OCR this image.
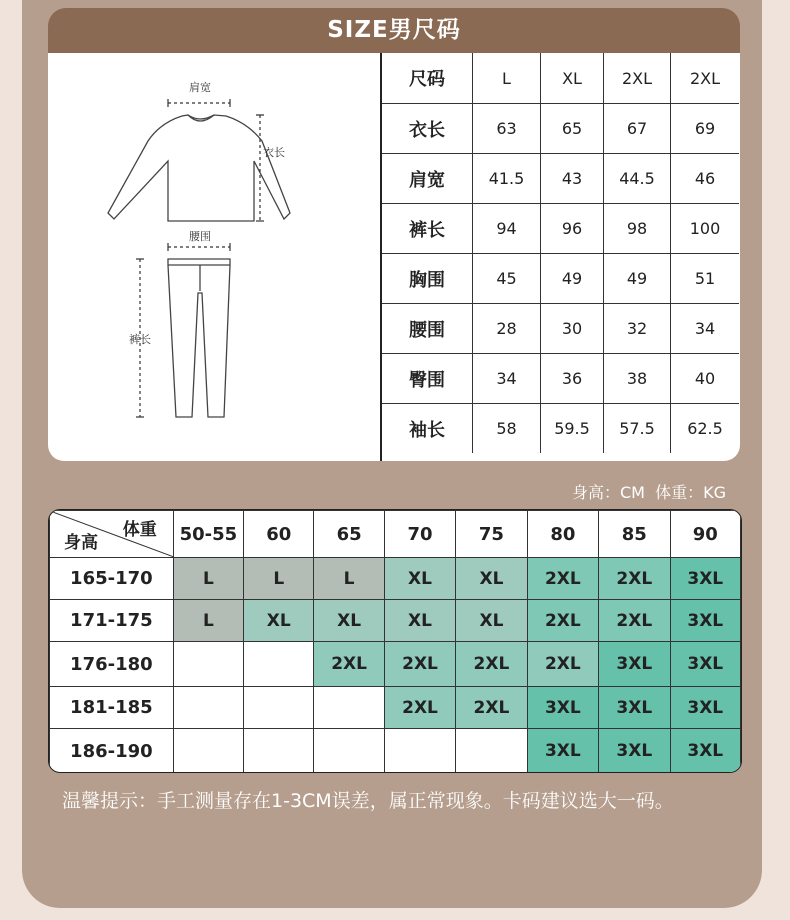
SIZE男尺码
肩宽
衣长
腰围
裤长
尺码	L	XL	2XL	2XL
衣长	63	65	67	69
肩宽	41.5	43	44.5	46
裤长	94	96	98	100
胸围	45	49	49	51
腰围	28	30	32	34
臀围	34	36	38	40
袖长	58	59.5	57.5	62.5
身高：CM  体重：KG
体重
身高	50-55	60	65	70	75	80	85	90
165-170	L	L	L	XL	XL	2XL	2XL	3XL
171-175	L	XL	XL	XL	XL	2XL	2XL	3XL
176-180			2XL	2XL	2XL	2XL	3XL	3XL
181-185				2XL	2XL	3XL	3XL	3XL
186-190						3XL	3XL	3XL
温馨提示：手工测量存在1-3CM误差，属正常现象。卡码建议选大一码。
